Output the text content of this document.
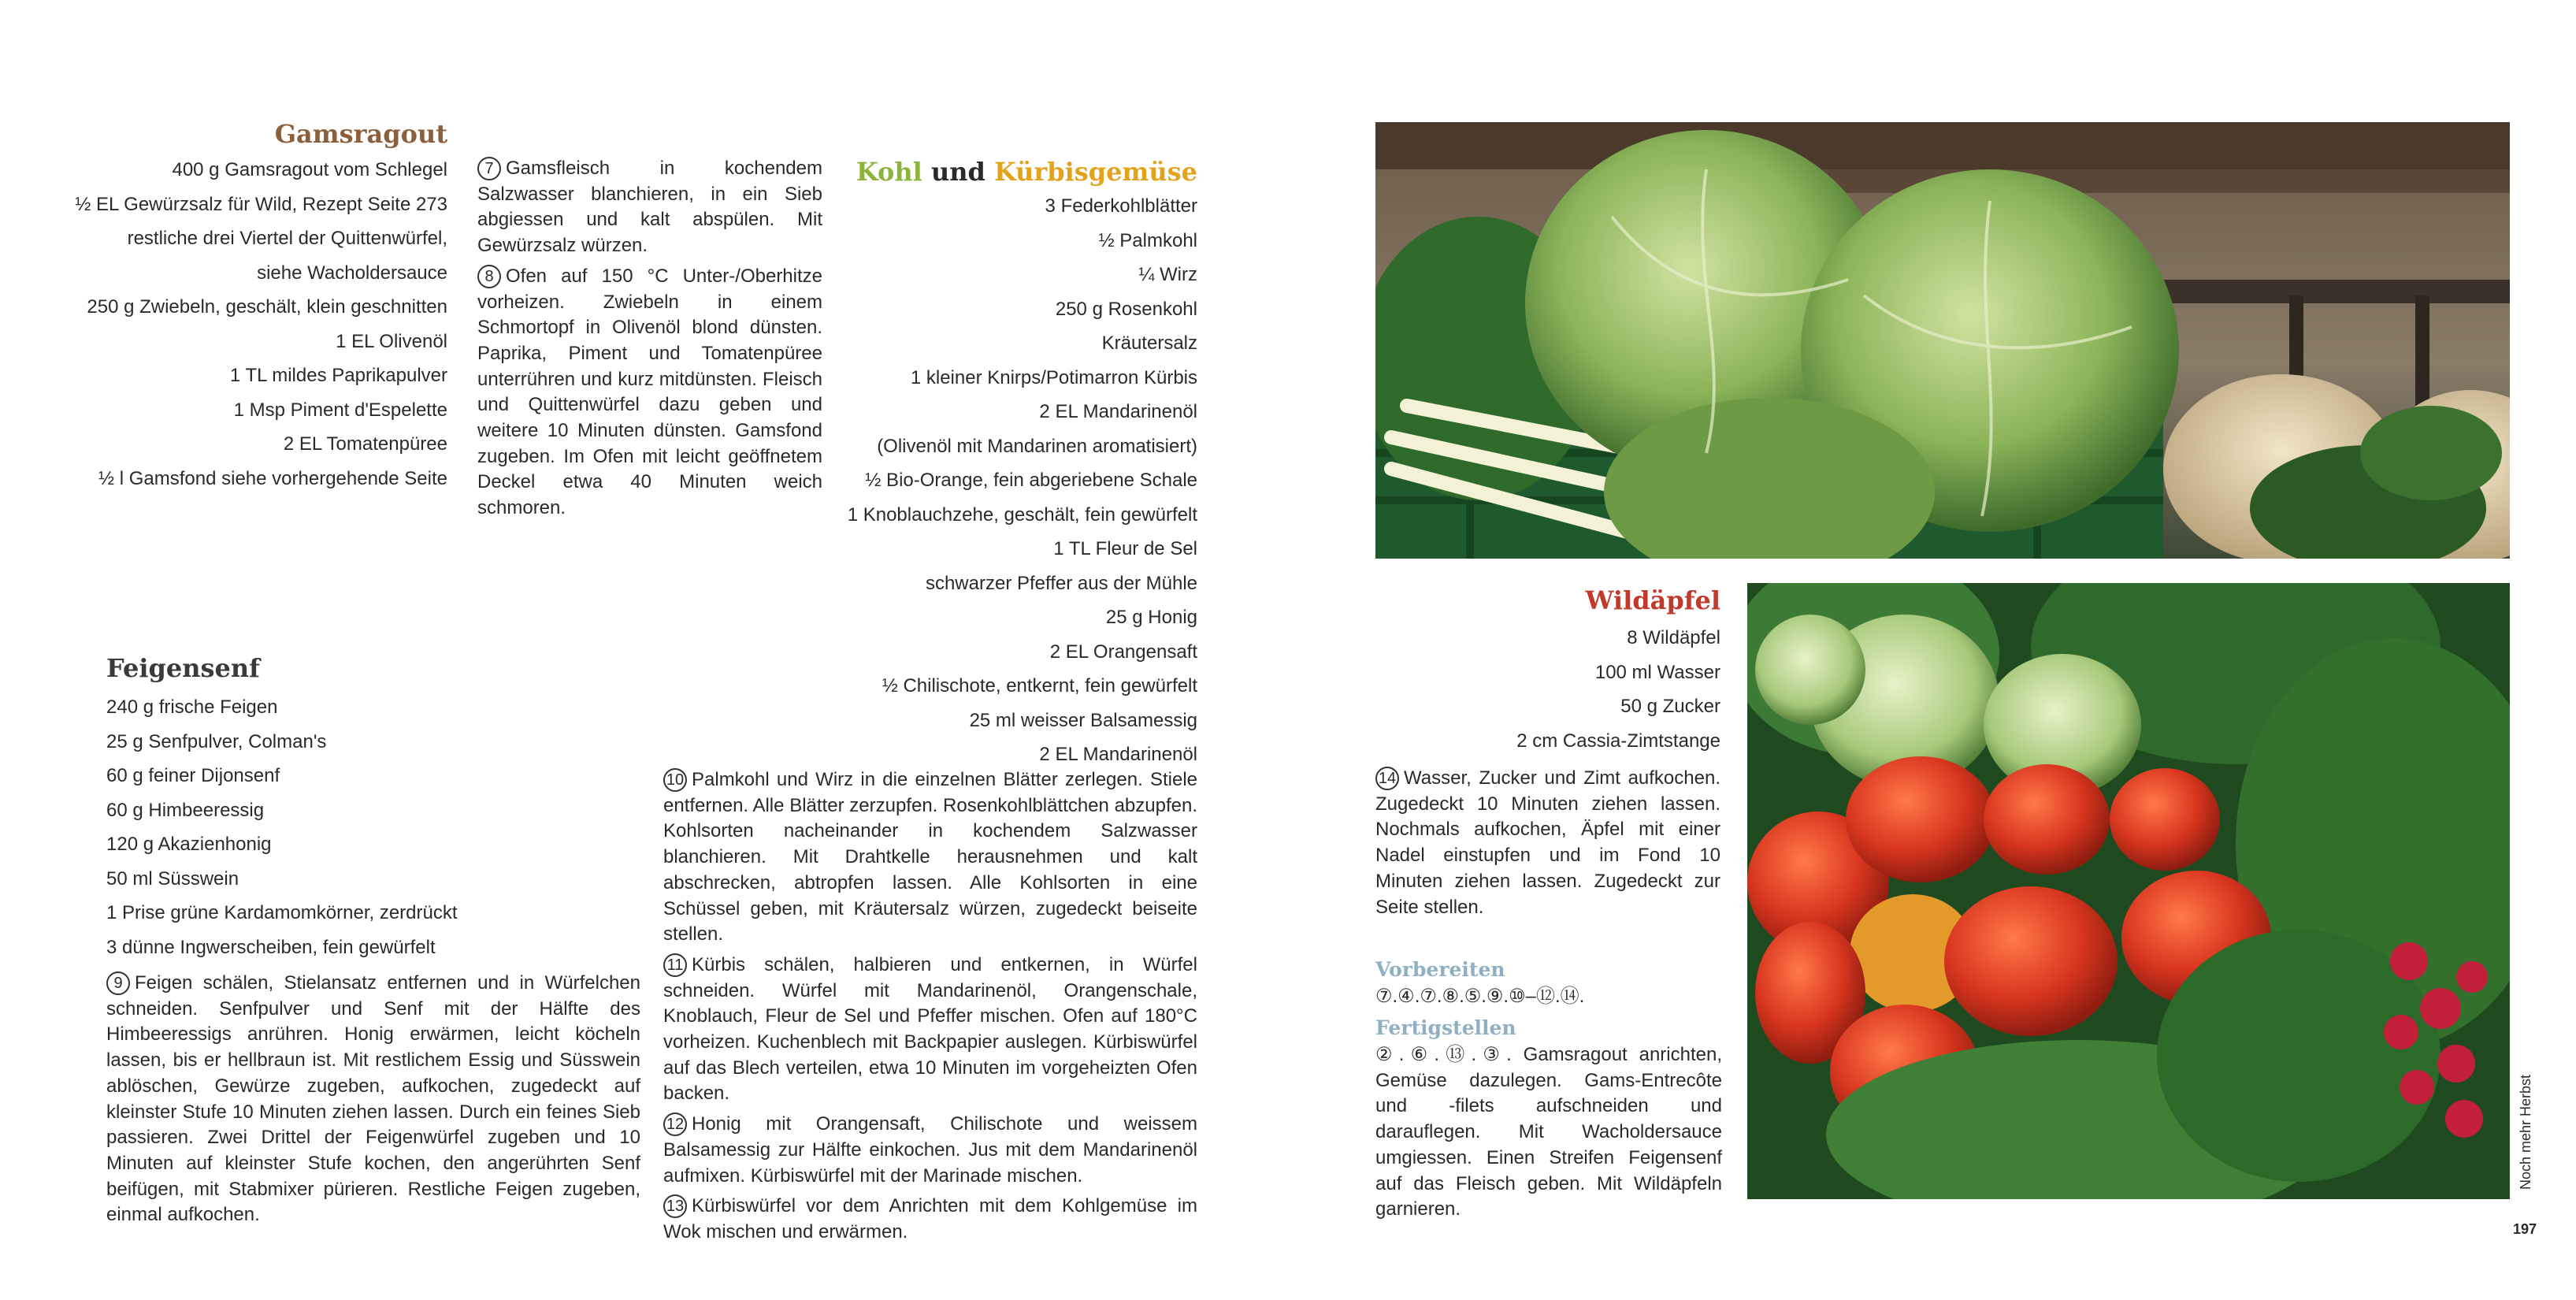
Gamsragout
400 g Gamsragout vom Schlegel
½ EL Gewürzsalz für Wild, Rezept Seite 273
restliche drei Viertel der Quittenwürfel,
siehe Wacholdersauce
250 g Zwiebeln, geschält, klein geschnitten
1 EL Olivenöl
1 TL mildes Paprikapulver
1 Msp Piment d'Espelette
2 EL Tomatenpüree
½ l Gamsfond siehe vorhergehende Seite

7 Gamsfleisch in kochendem Salzwasser blanchieren, in ein Sieb abgiessen und kalt abspülen. Mit Gewürzsalz würzen.

8 Ofen auf 150 °C Unter-/Oberhitze vorheizen. Zwiebeln in einem Schmortopf in Olivenöl blond dünsten. Paprika, Piment und Tomatenpüree unterrühren und kurz mitdünsten. Fleisch und Quittenwürfel dazu geben und weitere 10 Minuten dünsten. Gamsfond zugeben. Im Ofen mit leicht geöffnetem Deckel etwa 40 Minuten weich schmoren.

Feigensenf
240 g frische Feigen
25 g Senfpulver, Colman's
60 g feiner Dijonsenf
60 g Himbeeressig
120 g Akazienhonig
50 ml Süsswein
1 Prise grüne Kardamomkörner, zerdrückt
3 dünne Ingwerscheiben, fein gewürfelt

9 Feigen schälen, Stielansatz entfernen und in Würfelchen schneiden. Senfpulver und Senf mit der Hälfte des Himbeeressigs anrühren. Honig erwärmen, leicht köcheln lassen, bis er hellbraun ist. Mit restlichem Essig und Süsswein ablöschen, Gewürze zugeben, aufkochen, zugedeckt auf kleinster Stufe 10 Minuten ziehen lassen. Durch ein feines Sieb passieren. Zwei Drittel der Feigenwürfel zugeben und 10 Minuten auf kleinster Stufe kochen, den angerührten Senf beifügen, mit Stabmixer pürieren. Restliche Feigen zugeben, einmal aufkochen.

Kohl und Kürbisgemüse
3 Federkohlblätter
½ Palmkohl
¼ Wirz
250 g Rosenkohl
Kräutersalz
1 kleiner Knirps/Potimarron Kürbis
2 EL Mandarinenöl
(Olivenöl mit Mandarinen aromatisiert)
½ Bio-Orange, fein abgeriebene Schale
1 Knoblauchzehe, geschält, fein gewürfelt
1 TL Fleur de Sel
schwarzer Pfeffer aus der Mühle
25 g Honig
2 EL Orangensaft
½ Chilischote, entkernt, fein gewürfelt
25 ml weisser Balsamessig
2 EL Mandarinenöl

10 Palmkohl und Wirz in die einzelnen Blätter zerlegen. Stiele entfernen. Alle Blätter zerzupfen. Rosenkohlblättchen abzupfen. Kohlsorten nacheinander in kochendem Salzwasser blanchieren. Mit Drahtkelle herausnehmen und kalt abschrecken, abtropfen lassen. Alle Kohlsorten in eine Schüssel geben, mit Kräutersalz würzen, zugedeckt beiseite stellen.

11 Kürbis schälen, halbieren und entkernen, in Würfel schneiden. Würfel mit Mandarinenöl, Orangenschale, Knoblauch, Fleur de Sel und Pfeffer mischen. Ofen auf 180°C vorheizen. Kuchenblech mit Backpapier auslegen. Kürbiswürfel auf das Blech verteilen, etwa 10 Minuten im vorgeheizten Ofen backen.

12 Honig mit Orangensaft, Chilischote und weissem Balsamessig zur Hälfte einkochen. Jus mit dem Mandarinenöl aufmixen. Kürbiswürfel mit der Marinade mischen.

13 Kürbiswürfel vor dem Anrichten mit dem Kohlgemüse im Wok mischen und erwärmen.

Wildäpfel
8 Wildäpfel
100 ml Wasser
50 g Zucker
2 cm Cassia-Zimtstange

14 Wasser, Zucker und Zimt aufkochen. Zugedeckt 10 Minuten ziehen lassen. Nochmals aufkochen, Äpfel mit einer Nadel einstupfen und im Fond 10 Minuten ziehen lassen. Zugedeckt zur Seite stellen.

Vorbereiten
⑦.④.⑦.⑧.⑤.⑨.⑩–⑫.⑭.
Fertigstellen
②.⑥.⑬.③. Gamsragout anrichten, Gemüse dazulegen. Gams-Entrecôte und -filets aufschneiden und darauflegen. Mit Wacholdersauce umgiessen. Einen Streifen Feigensenf auf das Fleisch geben. Mit Wildäpfeln garnieren.
Noch mehr Herbst
197
